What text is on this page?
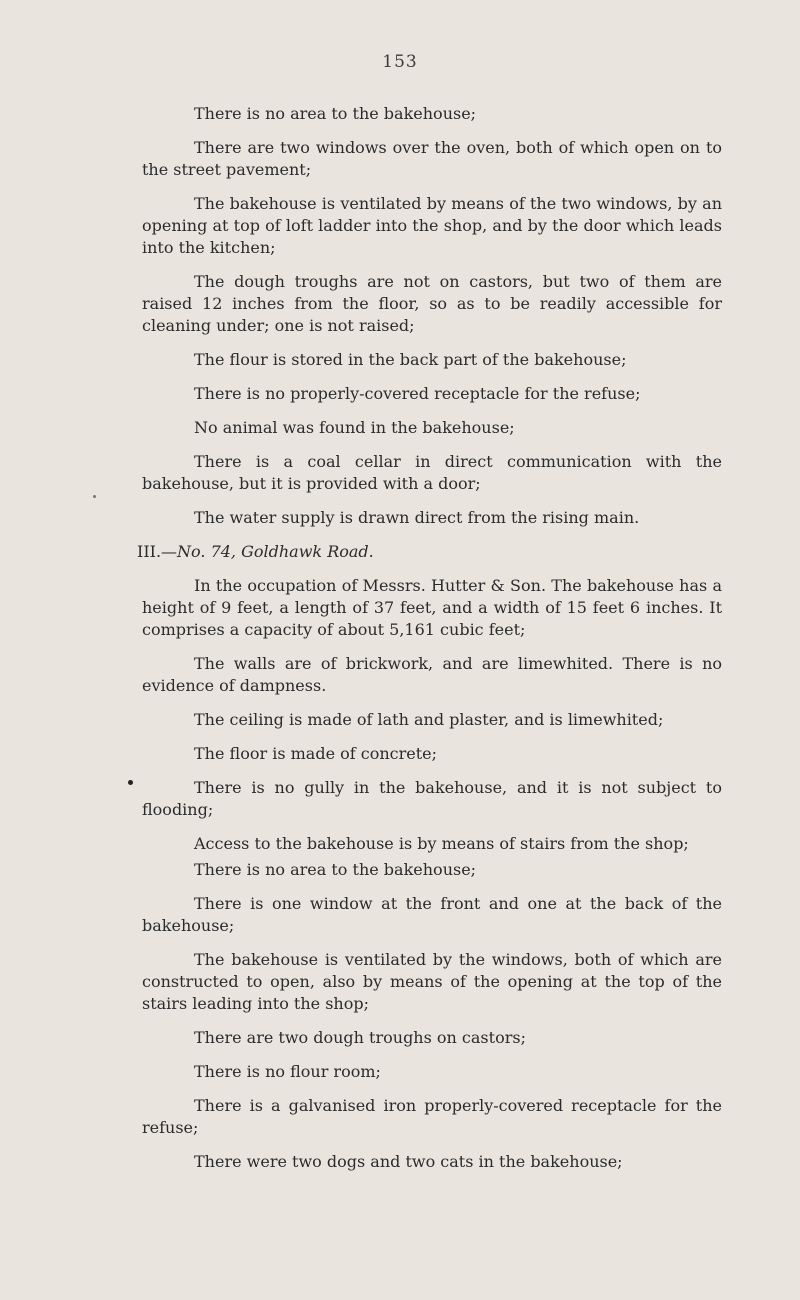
153

There is no area to the bakehouse;

There are two windows over the oven, both of which open on to the street pavement;

The bakehouse is ventilated by means of the two windows, by an opening at top of loft ladder into the shop, and by the door which leads into the kitchen;

The dough troughs are not on castors, but two of them are raised 12 inches from the floor, so as to be readily accessible for cleaning under; one is not raised;

The flour is stored in the back part of the bakehouse;

There is no properly-covered receptacle for the refuse;

No animal was found in the bakehouse;

There is a coal cellar in direct communication with the bakehouse, but it is provided with a door;

The water supply is drawn direct from the rising main.

III.—No. 74, Goldhawk Road.

In the occupation of Messrs. Hutter & Son. The bakehouse has a height of 9 feet, a length of 37 feet, and a width of 15 feet 6 inches. It comprises a capacity of about 5,161 cubic feet;

The walls are of brickwork, and are limewhited. There is no evidence of dampness.

The ceiling is made of lath and plaster, and is limewhited;

The floor is made of concrete;

There is no gully in the bakehouse, and it is not subject to flooding;

Access to the bakehouse is by means of stairs from the shop;

There is no area to the bakehouse;

There is one window at the front and one at the back of the bakehouse;

The bakehouse is ventilated by the windows, both of which are constructed to open, also by means of the opening at the top of the stairs leading into the shop;

There are two dough troughs on castors;

There is no flour room;

There is a galvanised iron properly-covered receptacle for the refuse;

There were two dogs and two cats in the bakehouse;
